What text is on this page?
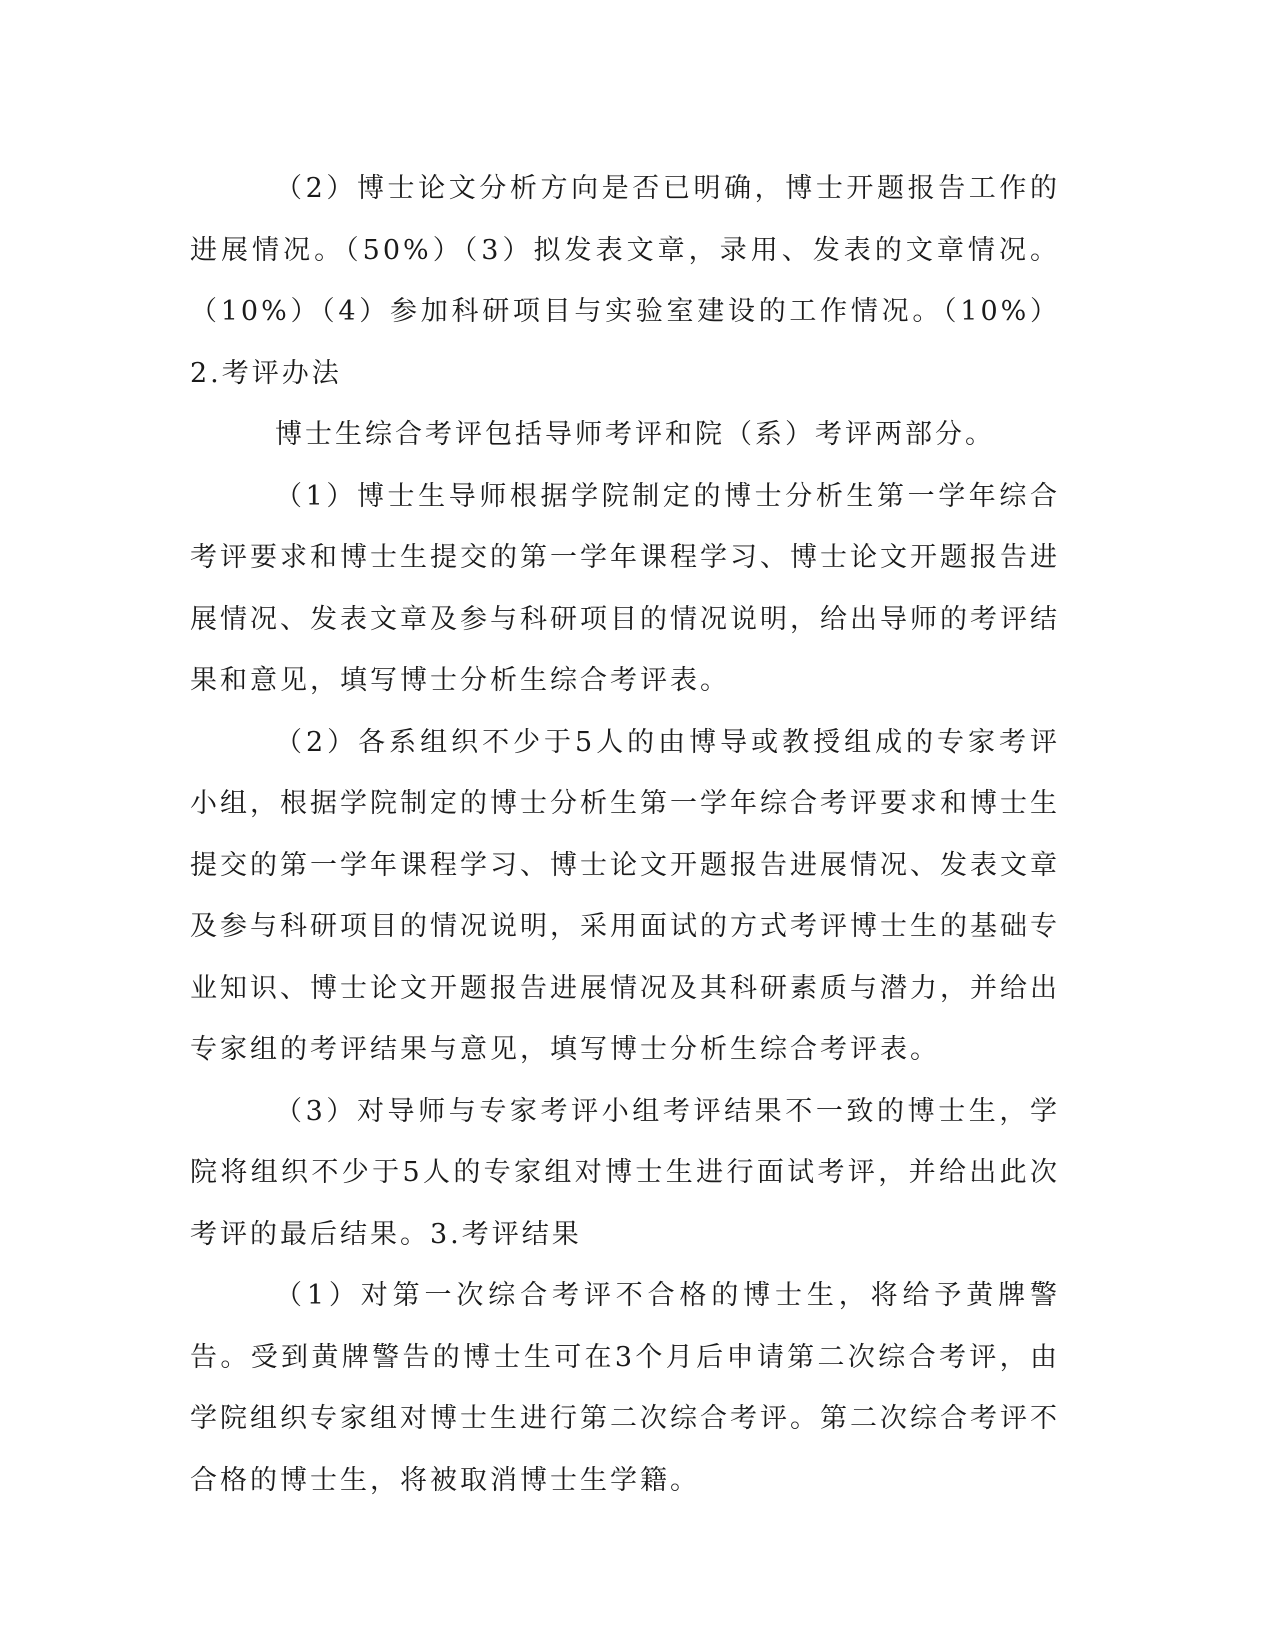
（2）博士论文分析方向是否已明确，博士开题报告工作的进展情况。（50%）（3）拟发表文章，录用、发表的文章情况。（10%）（4）参加科研项目与实验室建设的工作情况。（10%）2.考评办法

博士生综合考评包括导师考评和院（系）考评两部分。

（1）博士生导师根据学院制定的博士分析生第一学年综合考评要求和博士生提交的第一学年课程学习、博士论文开题报告进展情况、发表文章及参与科研项目的情况说明，给出导师的考评结果和意见，填写博士分析生综合考评表。

（2）各系组织不少于5人的由博导或教授组成的专家考评小组，根据学院制定的博士分析生第一学年综合考评要求和博士生提交的第一学年课程学习、博士论文开题报告进展情况、发表文章及参与科研项目的情况说明，采用面试的方式考评博士生的基础专业知识、博士论文开题报告进展情况及其科研素质与潜力，并给出专家组的考评结果与意见，填写博士分析生综合考评表。

（3）对导师与专家考评小组考评结果不一致的博士生，学院将组织不少于5人的专家组对博士生进行面试考评，并给出此次考评的最后结果。3.考评结果

（1）对第一次综合考评不合格的博士生，将给予黄牌警告。受到黄牌警告的博士生可在3个月后申请第二次综合考评，由学院组织专家组对博士生进行第二次综合考评。第二次综合考评不合格的博士生，将被取消博士生学籍。
